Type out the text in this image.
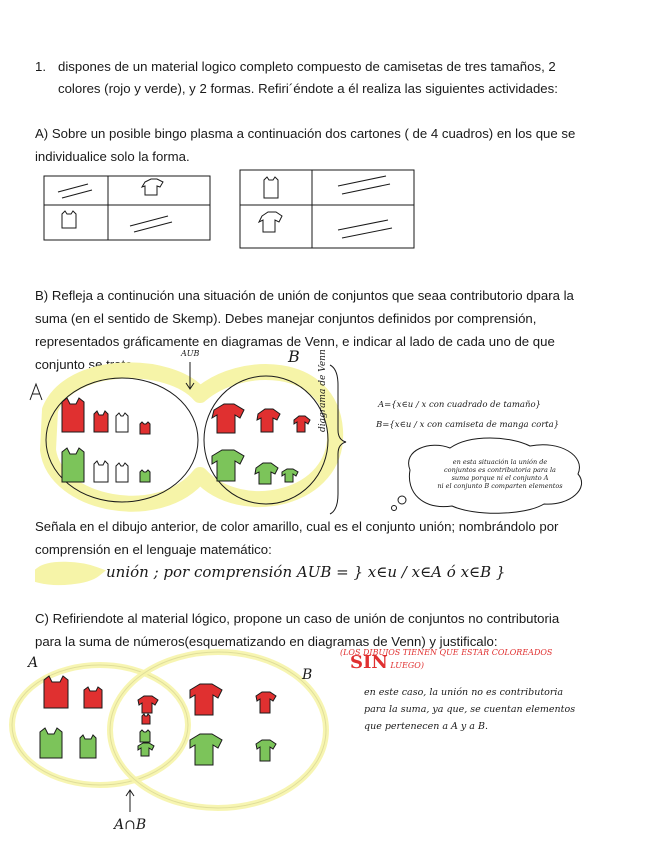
1. dispones de un material logico completo compuesto de camisetas de tres tamaños, 2

colores (rojo y verde), y 2 formas. Refiri´éndote a él realiza las siguientes actividades:

A) Sobre un posible bingo plasma a continuación dos cartones ( de 4 cuadros) en los que se

individualice solo la forma.

B) Refleja a continución una situación de unión de conjuntos que seaa contributorio dpara la

suma (en el sentido de Skemp). Debes manejar conjuntos definidos por comprensión,

representados gráficamente en diagramas de Venn, e indicar al lado de cada uno de que

conjunto se trata.	B
AUB	diagrama de Venn	A={x∈u / x con cuadrado de tamaño}
B={x∈u / x con camiseta de manga corta}
en esta situación la unión de
conjuntos es contributoria para la
suma porque ni el conjunto A
ni el conjunto B comparten elementos

Señala en el dibujo anterior, de color amarillo, cual es el conjunto unión; nombrándolo por

comprensión en el lenguaje matemático:

unión ; por comprensión AUB = } x∈u / x∈A ó x∈B }

C) Refiriendote al material lógico, propone un caso de unión de conjuntos no contributoria

para la suma de números(esquematizando en diagramas de Venn) y justificalo:

A
B
A∩B
(LOS DIBUJOS TIENEN QUE ESTAR COLOREADOS
SIN LUEGO)
en este caso, la unión no es contributoria
para la suma, ya que, se cuentan elementos
que pertenecen a A y a B.
